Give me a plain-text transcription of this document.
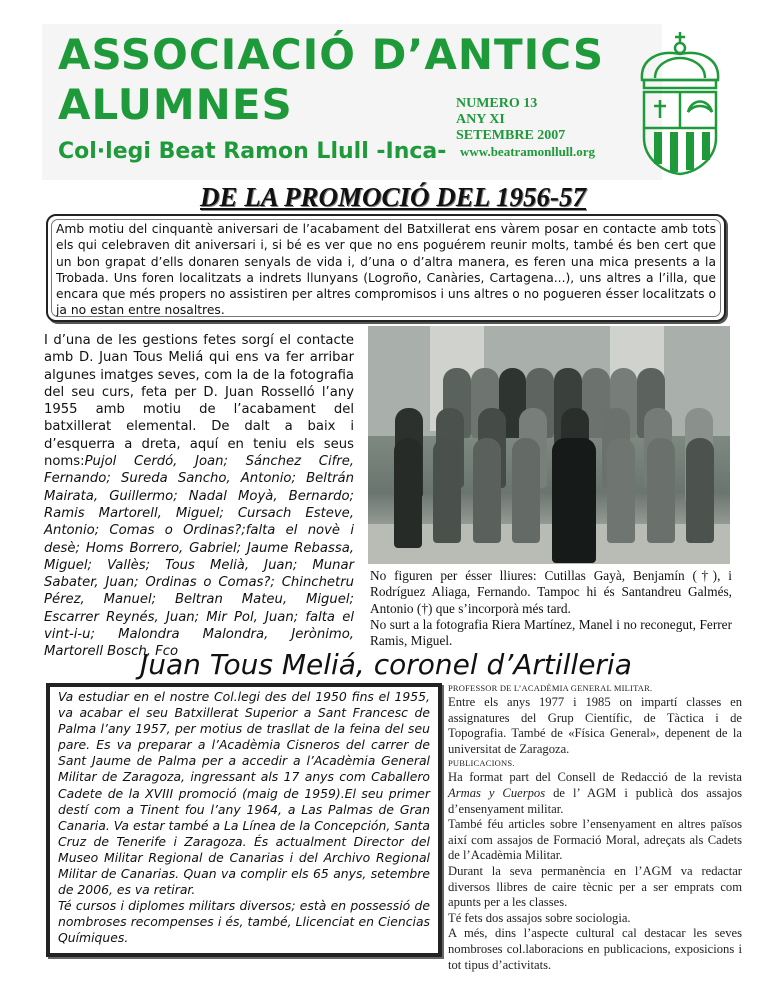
ASSOCIACIÓ D’ANTICS
ALUMNES
Col·legi Beat Ramon Llull -Inca-
NUMERO 13
ANY XI
SETEMBRE 2007
www.beatramonllull.org
DE LA PROMOCIÓ DEL 1956-57
Amb motiu del cinquantè aniversari de l’acabament del Batxillerat ens vàrem posar en contacte amb tots els qui celebraven dit aniversari i, si bé es ver que no ens poguérem reunir molts, també és ben cert que un bon grapat d’ells donaren senyals de vida i, d’una o d’altra manera, es feren una mica presents a la Trobada. Uns foren localitzats a indrets llunyans (Logroño, Canàries, Cartagena...), uns altres a l’illa, que encara que més propers no assistiren per altres compromisos i uns altres o no pogueren ésser localitzats o ja no estan entre nosaltres.
I d’una de les gestions fetes sorgí el contacte amb D. Juan Tous Meliá qui ens va fer arribar algunes imatges seves, com la de la fotografia del seu curs, feta per D. Juan Rosselló l’any 1955 amb motiu de l’acabament del batxillerat elemental. De dalt a baix i d’esquerra a dreta, aquí en teniu els seus noms:Pujol Cerdó, Joan; Sánchez Cifre, Fernando; Sureda Sancho, Antonio; Beltrán Mairata, Guillermo; Nadal Moyà, Bernardo; Ramis Martorell, Miguel; Cursach Esteve, Antonio; Comas o Ordinas?;falta el novè i desè; Homs Borrero, Gabriel; Jaume Rebassa, Miguel; Vallès; Tous Melià, Juan; Munar Sabater, Juan; Ordinas o Comas?; Chinchetru Pérez, Manuel; Beltran Mateu, Miguel; Escarrer Reynés, Juan; Mir Pol, Juan; falta el vint-i-u; Malondra Malondra, Jerònimo, Martorell Bosch, Fco
No figuren per ésser lliures: Cutillas Gayà, Benjamín (†), i Rodríguez Aliaga, Fernando. Tampoc hi és Santandreu Galmés, Antonio (†) que s’incorporà més tard.
No surt a la fotografia Riera Martínez, Manel i no reconegut, Ferrer Ramis, Miguel.
Juan Tous Meliá, coronel d’Artilleria
Va estudiar en el nostre Col.legi des del 1950 fins el 1955, va acabar el seu Batxillerat Superior a Sant Francesc de Palma l’any 1957, per motius de trasllat de la feina del seu pare. Es va preparar a l’Acadèmia Cisneros del carrer de Sant Jaume de Palma per a accedir a l’Acadèmia General Militar de Zaragoza, ingressant als 17 anys com Caballero Cadete de la XVIII promoció (maig de 1959).El seu primer destí com a Tinent fou l’any 1964, a Las Palmas de Gran Canaria. Va estar també a La Línea de la Concepción, Santa Cruz de Tenerife i Zaragoza. És actualment Director del Museo Militar Regional de Canarias i del Archivo Regional Militar de Canarias. Quan va complir els 65 anys, setembre de 2006, es va retirar.
Té cursos i diplomes militars diversos; està en possessió de nombroses recompenses i és, també, Llicenciat en Ciencias Químiques.
PROFESSOR DE L’ACADÈMIA GENERAL MILITAR.

Entre els anys 1977 i 1985 on impartí classes en assignatures del Grup Científic, de Tàctica i de Topografia. També de «Física General», depenent de la universitat de Zaragoza.

PUBLICACIONS.

Ha format part del Consell de Redacció de la revista Armas y Cuerpos de l’ AGM i publicà dos assajos d’ensenyament militar.

També féu articles sobre l’ensenyament en altres països així com assajos de Formació Moral, adreçats als Cadets de l’Acadèmia Militar.

Durant la seva permanència en l’AGM va redactar diversos llibres de caire tècnic per a ser emprats com apunts per a les classes.

Té fets dos assajos sobre sociologia.

A més, dins l’aspecte cultural cal destacar les seves nombroses col.laboracions en publicacions, exposicions i tot tipus d’activitats.
